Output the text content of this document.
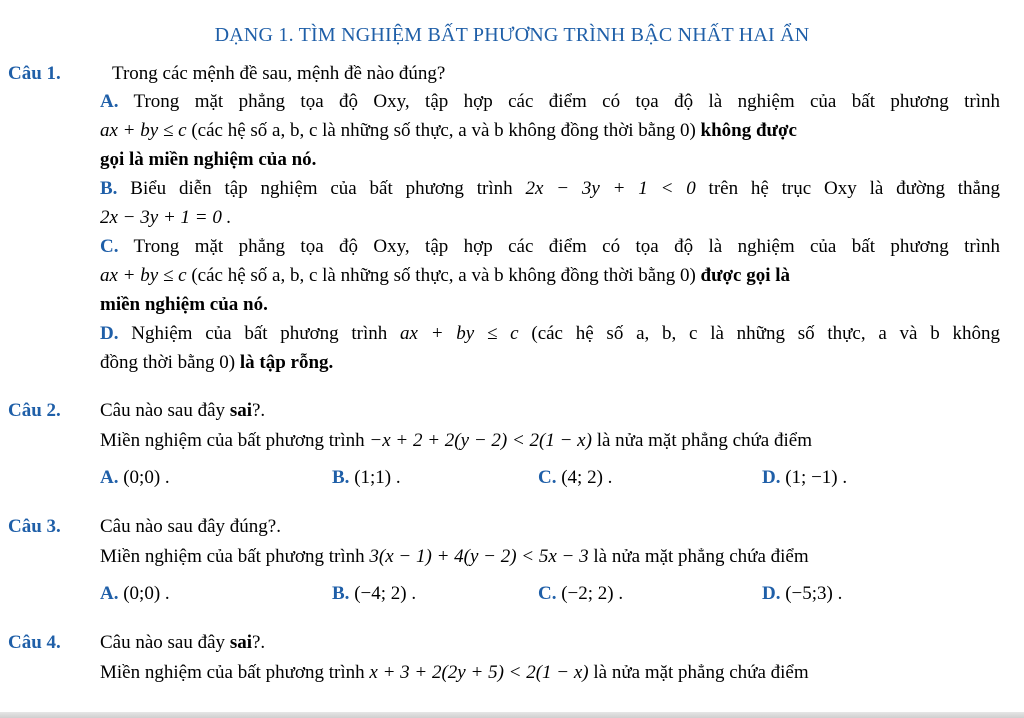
DẠNG 1. TÌM NGHIỆM BẤT PHƯƠNG TRÌNH BẬC NHẤT HAI ẨN
Câu 1.	Trong các mệnh đề sau, mệnh đề nào đúng?
A. Trong mặt phẳng tọa độ Oxy, tập hợp các điểm có tọa độ là nghiệm của bất phương trình
ax + by ≤ c (các hệ số a, b, c là những số thực, a và b không đồng thời bằng 0) không được
gọi là miền nghiệm của nó.
B. Biểu diễn tập nghiệm của bất phương trình 2x − 3y + 1 < 0 trên hệ trục Oxy là đường thẳng
2x − 3y + 1 = 0 .
C. Trong mặt phẳng tọa độ Oxy, tập hợp các điểm có tọa độ là nghiệm của bất phương trình
ax + by ≤ c (các hệ số a, b, c là những số thực, a và b không đồng thời bằng 0) được gọi là
miền nghiệm của nó.
D. Nghiệm của bất phương trình ax + by ≤ c (các hệ số a, b, c là những số thực, a và b không
đồng thời bằng 0) là tập rỗng.
Câu 2. Câu nào sau đây sai?.
Miền nghiệm của bất phương trình −x + 2 + 2(y − 2) < 2(1 − x) là nửa mặt phẳng chứa điểm
A. (0;0) .	B. (1;1) .	C. (4; 2) .	D. (1; −1) .
Câu 3. Câu nào sau đây đúng?.
Miền nghiệm của bất phương trình 3(x − 1) + 4(y − 2) < 5x − 3 là nửa mặt phẳng chứa điểm
A. (0;0) .	B. (−4; 2) .	C. (−2; 2) .	D. (−5;3) .
Câu 4. Câu nào sau đây sai?.
Miền nghiệm của bất phương trình x + 3 + 2(2y + 5) < 2(1 − x) là nửa mặt phẳng chứa điểm
